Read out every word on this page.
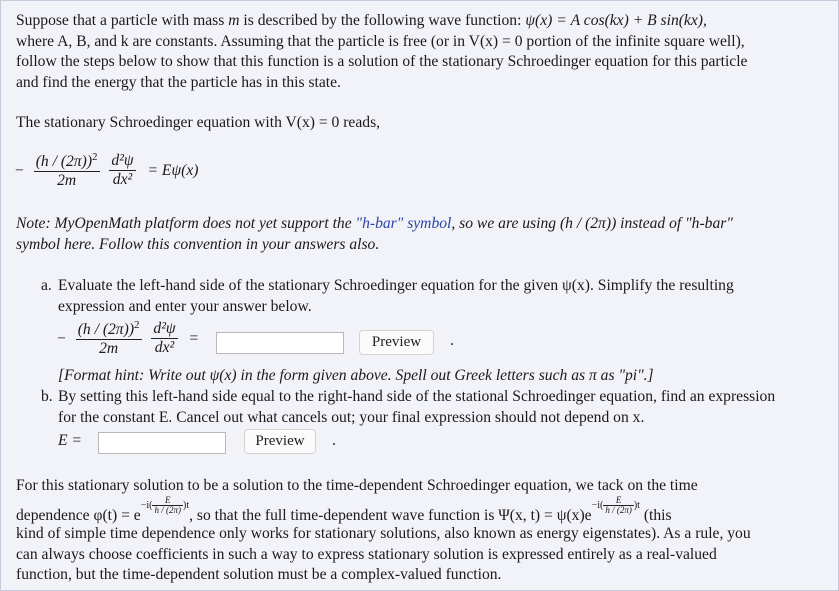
Suppose that a particle with mass m is described by the following wave function: ψ(x) = A cos(kx) + B sin(kx),
where A, B, and k are constants. Assuming that the particle is free (or in V(x) = 0 portion of the infinite square well),
follow the steps below to show that this function is a solution of the stationary Schroedinger equation for this particle
and find the energy that the particle has in this state.
The stationary Schroedinger equation with V(x) = 0 reads,
− $\frac{(h / (2\pi))^2}{2m}$
$\frac{\text{d²ψ}}{\text{dx²}} = E\psi(x)$
Note: MyOpenMath platform does not yet support the "h-bar" symbol, so we are using (h / (2π)) instead of "h-bar"
symbol here. Follow this convention in your answers also.
a. Evaluate the left-hand side of the stationary Schroedinger equation for the given ψ(x). Simplify the resulting
expression and enter your answer below.
− $\frac{(h / (2\pi))^2}{2m}$
$\frac{\text{d²ψ}}{\text{dx²}}$ =	Preview	.
[Format hint: Write out ψ(x) in the form given above. Spell out Greek letters such as π as "pi".]
b. By setting this left-hand side equal to the right-hand side of the stational Schroedinger equation, find an expression
for the constant E. Cancel out what cancels out; your final expression should not depend on x.
E =	Preview	.
For this stationary solution to be a solution to the time-dependent Schroedinger equation, we tack on the time
dependence $\varphi(t) = e^{-i( \frac{E}{h / (2\pi)} )t}$, so that the full time-dependent wave function is Ψ(x, $t) = \psi(x)e^{-i( \frac{E}{h / (2\pi)} )t}$ (this
kind of simple time dependence only works for stationary solutions, also known as energy eigenstates). As a rule, you
can always choose coefficients in such a way to express stationary solution is expressed entirely as a real-valued
function, but the time-dependent solution must be a complex-valued function.
